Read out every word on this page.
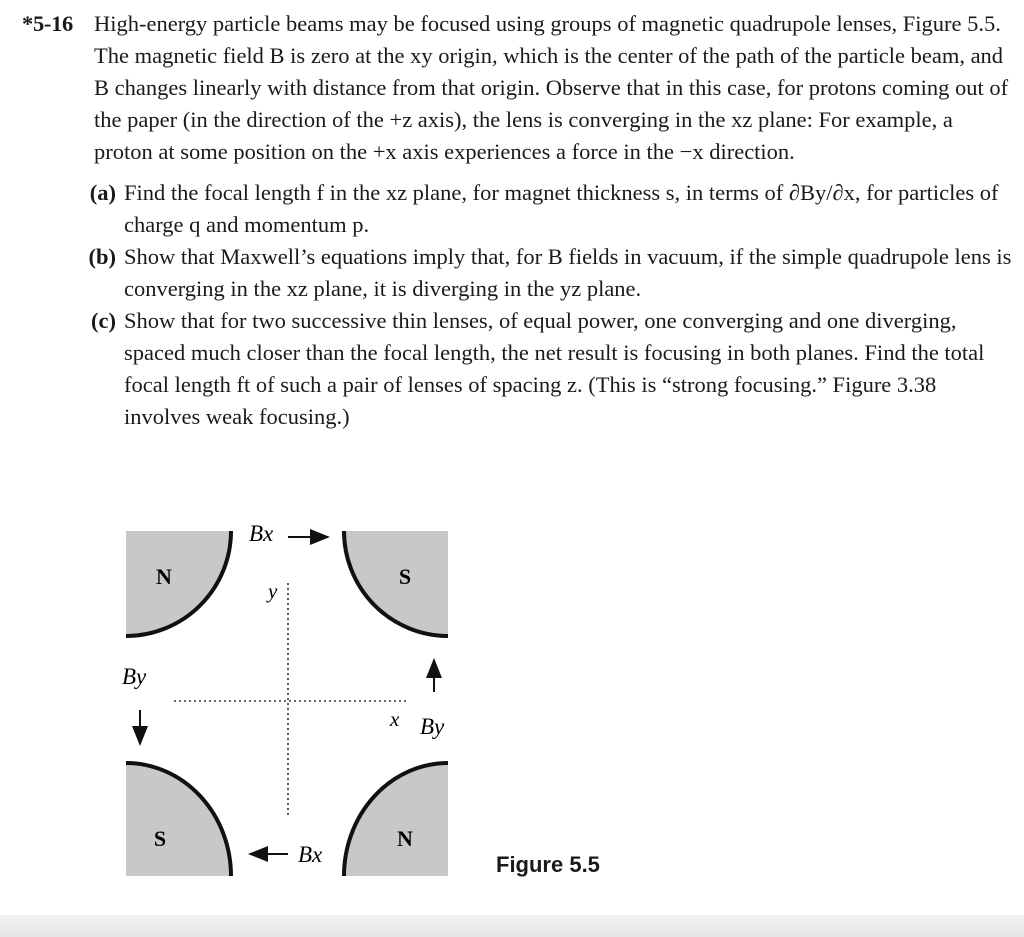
*5-16 High-energy particle beams may be focused using groups of magnetic quadrupole lenses, Figure 5.5. The magnetic field B is zero at the xy origin, which is the center of the path of the particle beam, and B changes linearly with distance from that origin. Observe that in this case, for protons coming out of the paper (in the direction of the +z axis), the lens is converging in the xz plane: For example, a proton at some position on the +x axis experiences a force in the −x direction.
(a) Find the focal length f in the xz plane, for magnet thickness s, in terms of ∂By/∂x, for particles of charge q and momentum p.
(b) Show that Maxwell’s equations imply that, for B fields in vacuum, if the simple quadrupole lens is converging in the xz plane, it is diverging in the yz plane.
(c) Show that for two successive thin lenses, of equal power, one converging and one diverging, spaced much closer than the focal length, the net result is focusing in both planes. Find the total focal length ft of such a pair of lenses of spacing z. (This is “strong focusing.” Figure 3.38 involves weak focusing.)
N	S
S	N
y
x
Bx
Bx
By
By
Figure 5.5
